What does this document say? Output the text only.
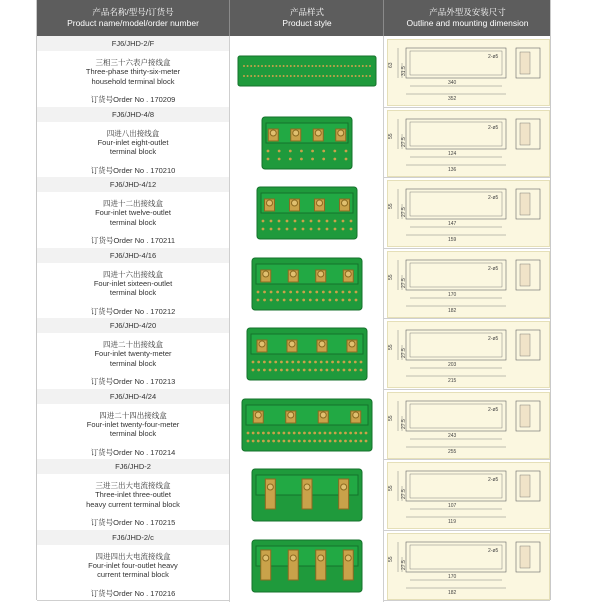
产品名称/型号/订货号
Product name/model/order number
产品样式
Product style
产品外型及安装尺寸
Outline and mounting dimension
FJ6/JHD-2/F
三相三十六表户接线盒
Three-phase thirty-six-meter
household terminal block
订货号Order No . 170209
340
352
63
31.5
2-ø5
FJ6/JHD-4/8
四进八出接线盒
Four-inlet eight-outlet
terminal block
订货号Order No . 170210
124
136
55
27.5
2-ø5
FJ6/JHD-4/12
四进十二出接线盒
Four-inlet twelve-outlet
terminal block
订货号Order No . 170211
147
159
55
27.5
2-ø5
FJ6/JHD-4/16
四进十六出接线盒
Four-inlet sixteen-outlet
terminal block
订货号Order No . 170212
170
182
55
27.5
2-ø5
FJ6/JHD-4/20
四进二十出接线盒
Four-inlet twenty-meter
terminal block
订货号Order No . 170213
203
215
55
27.5
2-ø5
FJ6/JHD-4/24
四进二十四出接线盒
Four-inlet twenty-four-meter
terminal block
订货号Order No . 170214
243
255
55
27.5
2-ø5
FJ6/JHD-2
三进三出大电流接线盒
Three-inlet three-outlet
heavy current terminal block
订货号Order No . 170215
107
119
55
27.5
2-ø5
FJ6/JHD-2/c
四进四出大电流接线盒
Four-inlet four-outlet heavy
current terminal block
订货号Order No . 170216
170
182
55
27.5
2-ø5
